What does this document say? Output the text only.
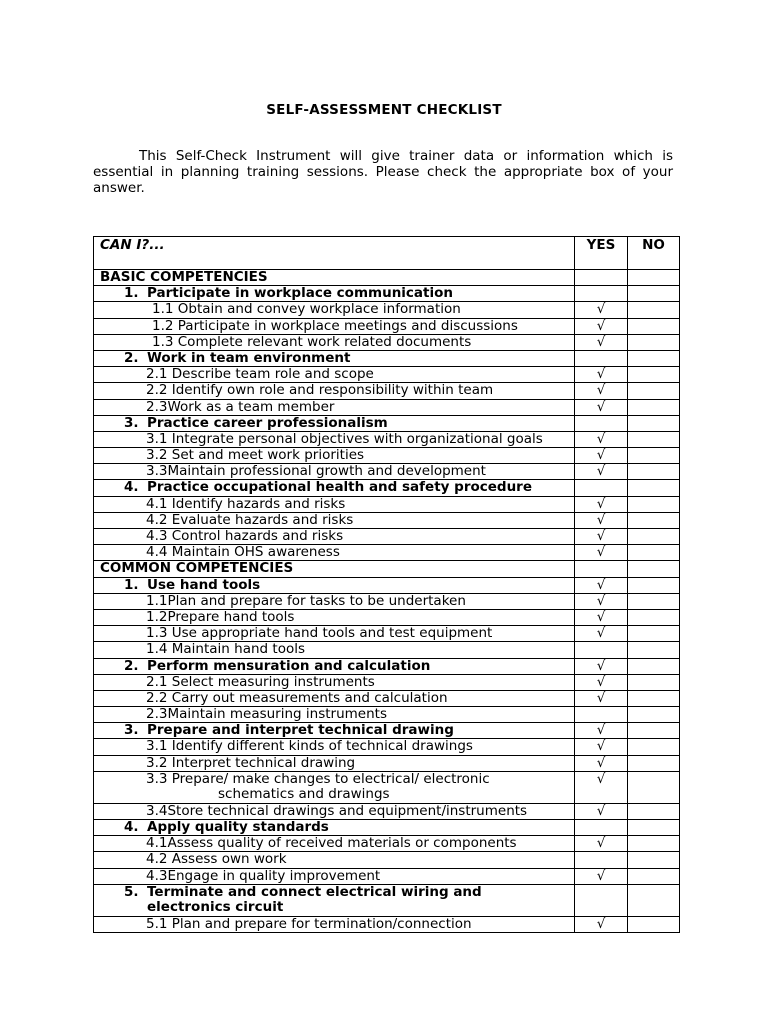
SELF-ASSESSMENT CHECKLIST

This Self-Check Instrument will give trainer data or information which is essential in planning training sessions. Please check the appropriate box of your answer.

CAN I?...	YES	NO
BASIC COMPETENCIES		
1. Participate in workplace communication		
1.1 Obtain and convey workplace information	√	
1.2 Participate in workplace meetings and discussions	√	
1.3 Complete relevant work related documents	√	
2. Work in team environment		
2.1 Describe team role and scope	√	
2.2 Identify own role and responsibility within team	√	
2.3Work as a team member	√	
3. Practice career professionalism		
3.1 Integrate personal objectives with organizational goals	√	
3.2 Set and meet work priorities	√	
3.3Maintain professional growth and development	√	
4. Practice occupational health and safety procedure		
4.1 Identify hazards and risks	√	
4.2 Evaluate hazards and risks	√	
4.3 Control hazards and risks	√	
4.4 Maintain OHS awareness	√	
COMMON COMPETENCIES		
1. Use hand tools	√	
1.1Plan and prepare for tasks to be undertaken	√	
1.2Prepare hand tools	√	
1.3 Use appropriate hand tools and test equipment	√	
1.4 Maintain hand tools		
2. Perform mensuration and calculation	√	
2.1 Select measuring instruments	√	
2.2 Carry out measurements and calculation	√	
2.3Maintain measuring instruments		
3. Prepare and interpret technical drawing	√	
3.1 Identify different kinds of technical drawings	√	
3.2 Interpret technical drawing	√	
3.3 Prepare/ make changes to electrical/ electronic
schematics and drawings	√	
3.4Store technical drawings and equipment/instruments	√	
4. Apply quality standards		
4.1Assess quality of received materials or components	√	
4.2 Assess own work		
4.3Engage in quality improvement	√	
5. Terminate and connect electrical wiring and
electronics circuit		

5.1 Plan and prepare for termination/connection	√	
